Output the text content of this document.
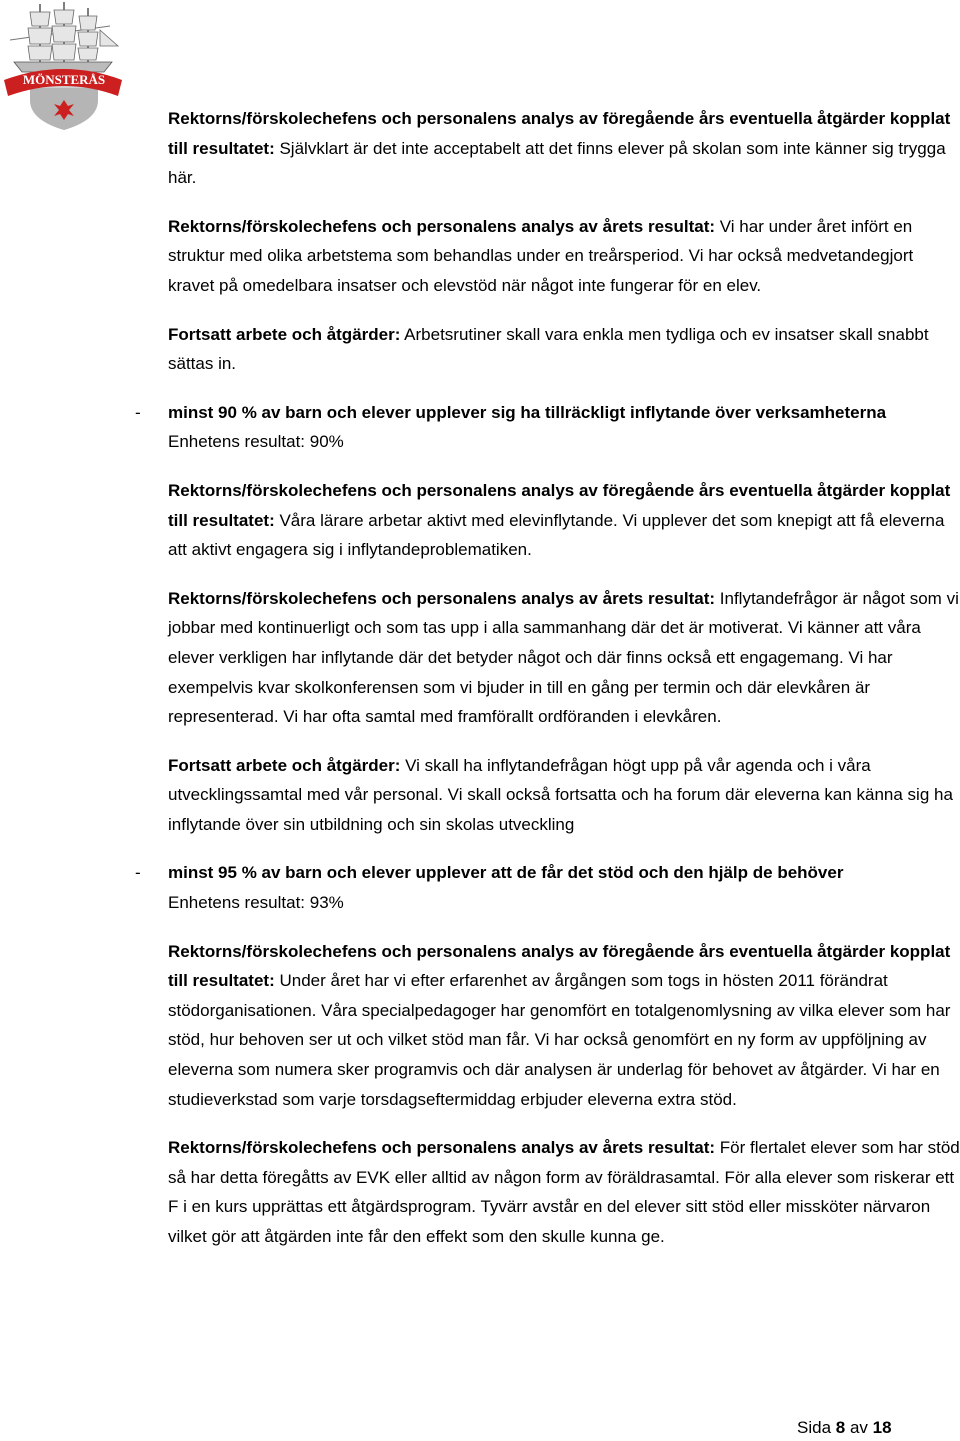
MÖNSTERÅS

Rektorns/förskolechefens och personalens analys av föregående års eventuella åtgärder kopplat till resultatet: Självklart är det inte acceptabelt att det finns elever på skolan som inte känner sig trygga här.

Rektorns/förskolechefens och personalens analys av årets resultat: Vi har under året infört en struktur med olika arbetstema som behandlas under en treårsperiod. Vi har också medvetandegjort kravet på omedelbara insatser och elevstöd när något inte fungerar för en elev.

Fortsatt arbete och åtgärder: Arbetsrutiner skall vara enkla men tydliga och ev insatser skall snabbt sättas in.

- minst 90 % av barn och elever upplever sig ha tillräckligt inflytande över verksamheterna

Enhetens resultat: 90%

Rektorns/förskolechefens och personalens analys av föregående års eventuella åtgärder kopplat till resultatet: Våra lärare arbetar aktivt med elevinflytande. Vi upplever det som knepigt att få eleverna att aktivt engagera sig i inflytandeproblematiken.

Rektorns/förskolechefens och personalens analys av årets resultat: Inflytandefrågor är något som vi jobbar med kontinuerligt och som tas upp i alla sammanhang där det är motiverat. Vi känner att våra elever verkligen har inflytande där det betyder något och där finns också ett engagemang. Vi har exempelvis kvar skolkonferensen som vi bjuder in till en gång per termin och där elevkåren är representerad. Vi har ofta samtal med framförallt ordföranden i elevkåren.

Fortsatt arbete och åtgärder: Vi skall ha inflytandefrågan högt upp på vår agenda och i våra utvecklingssamtal med vår personal. Vi skall också fortsatta och ha forum där eleverna kan känna sig ha inflytande över sin utbildning och sin skolas utveckling

- minst 95 % av barn och elever upplever att de får det stöd och den hjälp de behöver

Enhetens resultat: 93%

Rektorns/förskolechefens och personalens analys av föregående års eventuella åtgärder kopplat till resultatet: Under året har vi efter erfarenhet av årgången som togs in hösten 2011 förändrat stödorganisationen. Våra specialpedagoger har genomfört en totalgenomlysning av vilka elever som har stöd, hur behoven ser ut och vilket stöd man får. Vi har också genomfört en ny form av uppföljning av eleverna som numera sker programvis och där analysen är underlag för behovet av åtgärder. Vi har en studieverkstad som varje torsdagseftermiddag erbjuder eleverna extra stöd.

Rektorns/förskolechefens och personalens analys av årets resultat: För flertalet elever som har stöd så har detta föregåtts av EVK eller alltid av någon form av föräldrasamtal. För alla elever som riskerar ett F i en kurs upprättas ett åtgärdsprogram. Tyvärr avstår en del elever sitt stöd eller missköter närvaron vilket gör att åtgärden inte får den effekt som den skulle kunna ge.

Sida 8 av 18
